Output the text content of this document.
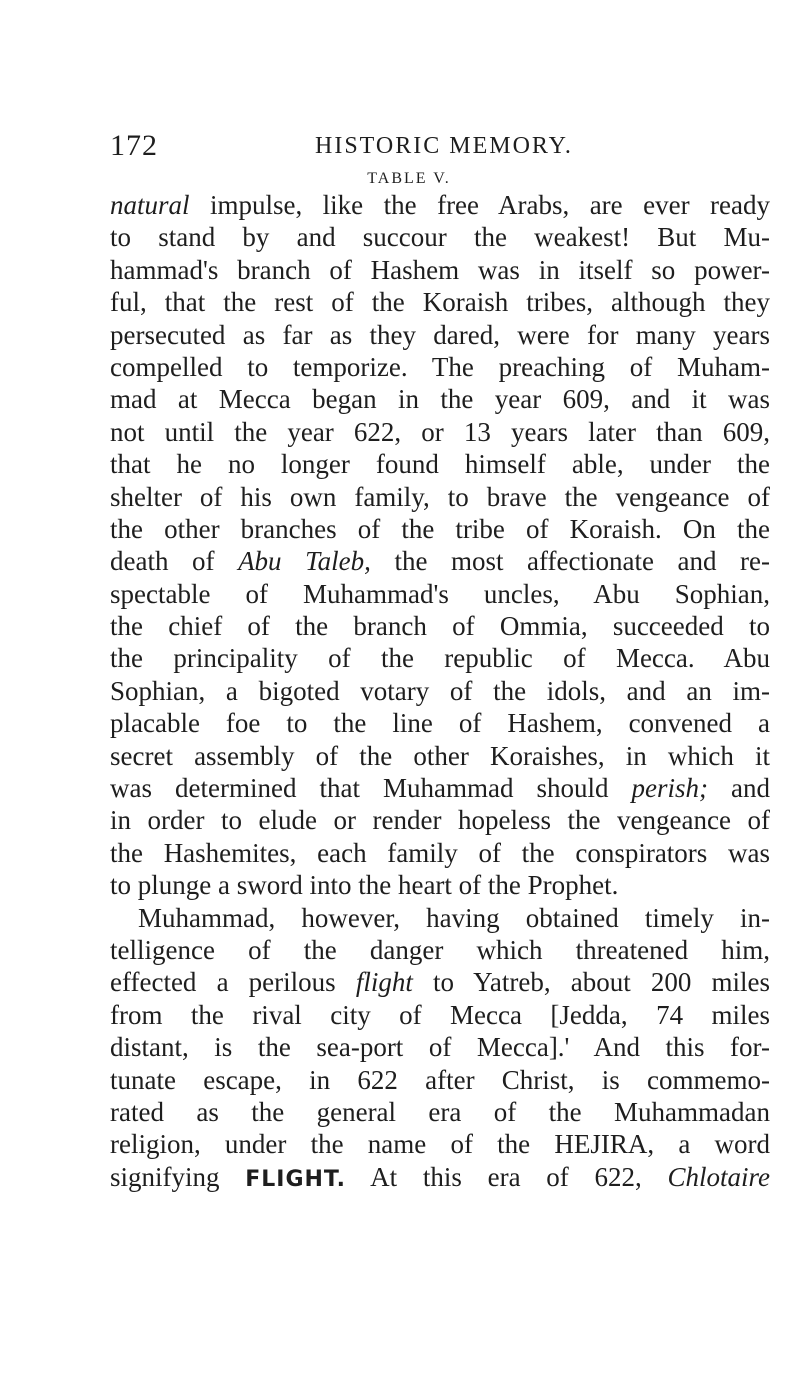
172	HISTORIC MEMORY.
TABLE V.
natural impulse, like the free Arabs, are ever ready
to stand by and succour the weakest! But Mu-
hammad's branch of Hashem was in itself so power-
ful, that the rest of the Koraish tribes, although they
persecuted as far as they dared, were for many years
compelled to temporize. The preaching of Muham-
mad at Mecca began in the year 609, and it was
not until the year 622, or 13 years later than 609,
that he no longer found himself able, under the
shelter of his own family, to brave the vengeance of
the other branches of the tribe of Koraish. On the
death of Abu Taleb, the most affectionate and re-
spectable of Muhammad's uncles, Abu Sophian,
the chief of the branch of Ommia, succeeded to
the principality of the republic of Mecca. Abu
Sophian, a bigoted votary of the idols, and an im-
placable foe to the line of Hashem, convened a
secret assembly of the other Koraishes, in which it
was determined that Muhammad should perish; and
in order to elude or render hopeless the vengeance of
the Hashemites, each family of the conspirators was
to plunge a sword into the heart of the Prophet.
Muhammad, however, having obtained timely in-
telligence of the danger which threatened him,
effected a perilous flight to Yatreb, about 200 miles
from the rival city of Mecca [Jedda, 74 miles
distant, is the sea-port of Mecca].' And this for-
tunate escape, in 622 after Christ, is commemo-
rated as the general era of the Muhammadan
religion, under the name of the HEJIRA, a word
signifying FLIGHT. At this era of 622, Chlotaire
